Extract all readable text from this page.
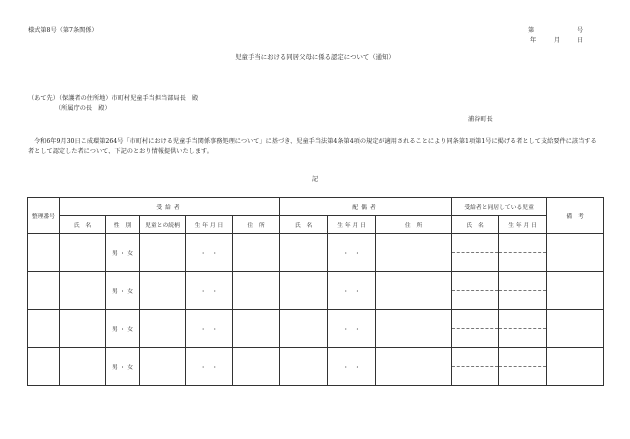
様式第8号（第7条関係）	第	号
年	月	日
児童手当における同居父母に係る認定について（通知）
（あて先）（保護者の住所地）市町村児童手当担当部局長　殿
（所属庁の長　殿）
浦谷町長
令和6年9月30日こ成環第264号「市町村における児童手当関係事務処理について」に基づき、児童手当法第4条第4項の規定が適用されることにより同条第1項第1号に掲げる者として支給要件に該当する者として認定した者について、下記のとおり情報提供いたします。
記
整理番号	受給者					配偶者			受給者と同居している児童		備　考
	氏　名	性　別	児童との続柄	生 年 月 日	住　所	氏　名	生 年 月 日	住　所	氏　名	生 年 月 日	
		男 ・ 女		・　・			・　・				

		男 ・ 女		・　・			・　・				

		男 ・ 女		・　・			・　・				

		男 ・ 女		・　・			・　・				
